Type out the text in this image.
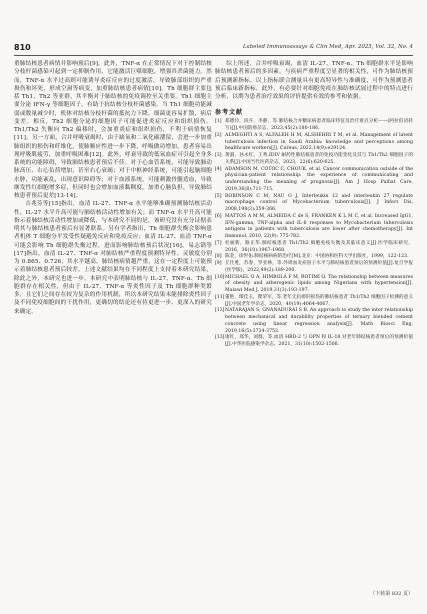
810	Labeled Immunoassays & Clin Med, Apr. 2025, Vol. 32, No. 4

重肺结核患者病情并影响预后[9]。此外，TNF-α 在正常情况下对于控制结核分枝杆菌感染可起到一定抑制作用，它能激活巨噬细胞，增强其杀菌能力。然而，TNF-α 水平过高则可能诱导炎症反应的过度激活，导致肺部组织的严重损伤和坏死，形成空洞等病变，加重肺结核患者病情[10]。Th 细胞群主要包括 Th1、Th2 等亚群，其平衡对于肺结核的免疫调控至关重要。Th1 细胞主要分泌 IFN-γ 等细胞因子，有助于抗结核分枝杆菌感染。当 Th1 细胞功能减弱或数量减少时，机体对结核分枝杆菌的抵抗力下降，细菌更容易扩散，病后变差。相反，Th2 细胞分泌的细胞因子可能促进炎症反应和组织损伤。Th1/Th2 失衡向 Th2 偏移时，会加重炎症和组织损伤，不利于病情恢复[11]。另一方面，合并呼吸衰竭时，由于缺氧和二氧化碳潴留，会进一步加重肺组织的损伤和纤维化，使肺顺应性进一步下降，呼吸做功增加，患者容易出现呼吸肌疲劳，加重呼吸困难[12]。此外，呼衰导致的低氧血症可引起全身多系统的功能障碍，导致肺结核患者预后不佳。对于心血管系统，可能导致肺动脉高压、右心负荷增加，甚至右心衰竭；对于中枢神经系统，可能引起脑细胞水肿，功能紊乱，出现意识障碍等；对于血液系统，可能刺激骨髓造血，导致继发性红细胞增多症，但同时也会增加血液黏稠度，加重心脑负担，导致肺结核患者预后更差[13-14]。

吉兆芬等[15]指出，血清 IL-27、TNF-α 水平能够准确预测肺结核活动性，IL-27 水平升高可能与肺结核活动性增加有关；而 TNF-α 水平升高可能指示着肺结核活动性增加或降低，与本研究不同的是，该研究没有充分证据表明其与肺结核患者预后有显著联系。另有学者指出，Th 细胞群失衡会影响患者机体 T 细胞分平发受性疑避免反应和免疫反应；血清 IL-27、血清 TNF-α 可能会影响 Th 细胞群失衡过程，进而影响肺结核预后状况[16]。易志锅等[17]指出，血清 IL-27、TNF-α 对肺结核严重程度预测特异性、灵敏度分别为 0.865、0.726，其水平越高，肺结核病情越严重，这在一定程度上可能预示着肺结核患者预后较差。上述文献结果均在不同程度上支持着本研究结果，除此之外，本研究也进一步，本研究中表明肺结核与 IL-27、TNF-α、Th 细胞群存在相关性，但由于 IL-27、TNF-α 等炎性因子及 Th 细胞群种类繁多，且它们之间存在较为复杂的作用机制，所以本研究结果未能排除炎性因子及不同免疫细胞间的干扰作用，更确切的结论还有待更进一步、更深入的研究来确定。

综上所述，合并呼吸衰竭，血清 IL-27、TNF-α、Th 细胞群水平是影响肺结核患者预后的多因素，与疾病严重程度呈显著的相关性，可作为肺结核预后预测新指标。以上指标联合测量具有更高特异性与准确度，可作为预测患者预后临床新指标。此外，有必要针对细胞免疫在肺结核试展过程中的特点进行分析，以期为患者治疗效果的评价提供有效的参考和依据。

参考文献
[1] 郑德玲，段卉，李静，等.肺结核合并糖尿病患者临床特征及治疗难点分析——(阿拉伯语转写)[J].中国防痨杂志，2023,45(2):180-186.
[2] ALMEGHTI A S, ALFALEH H M, ALSHEHRI T M, et al. Management of latent tuberculosis infection in Saudi Arabia: knowledge and perceptions among healthcare workers[J]. Cureus, 2022,14(9):e29124.
[3] 黄淑，孙永红，王秀.IDIV 耐药性肺结核患者的免疫功能变化及其与 Th1/Th2 细胞因子的关系[J].中国当代医药杂志，2023，22(6):620-625.
[4] ADAMSON M, COTOC C, CHOUK, et al. Cancer communication outside of the physician-patient relationship: the experience of communicating and understanding the meaning of prognosis[J]. Am J Hosp Palliat Care, 2019,36(8):711-715.
[5] ROBINSON C M, NAU G J. Interleukin 12 and interleukin 27 regulate macrophage control of Mycobacterium tuberculosis[J]. J Infect Dis, 2008,198(3):359-366.
[6] MATTOS A M M, ALMEIDA C de S, FRANKEN K L M C, et al. Increased IgG1, IFN-gamma, TNF-alpha and IL-6 responses to Mycobacterium tuberculosis antigens in patients with tuberculosis are lower after chemotherapy[J]. Int Immunol, 2010, 22(9): 775-782.
[7] 杜丽新，路正华.肺结核患者 Th1/Th2 细胞免疫失衡及其临床意义[J].医学临床研究，2016，36(10):1967-1968.
[8] 陈金，徐世佑.肺结核病病的治疗[M].北京：中国协和医科大学出版社，1999，122-123.
[9] 丘仕胜，苏春，罗亚林，等.外周血炎症因子水平与肺结核患者预后的预测价值[J].复旦学报(医学版)，2022,49(2):189-200.
[10] MICHAEL O A, HIMBOLA F M, ROTIMI O. The relationship between measures of obesity and atherogenic lipids among Nigerians with hypertension[J]. Malawi Med J, 2019,31(3):193-197.
[11] 董艳，缪佳玉，瞿荣军，等.老年无抗痨肝损伤的肺结核患者 Th1/Th2 细胞因子检测的意义[J].中国老年学杂志，2020，40(19):4064-4067.
[12] NATARAJAN S, GNANADURAI S B. An approach to study the inter relationship between mechanical and durability properties of ternary blended cement concrete using linear regression analysis[J]. Math Biosci Eng, 2019,16(5):3734-3752.
[13] 康红，郑华，刘群，等.血清 HBD-2 与 OPN 和 IL-18 对老年肺结核患者预后的预测价值[J].中华医院感染学杂志，2021，31(10):1502-1506.
（下转第 832 页）
